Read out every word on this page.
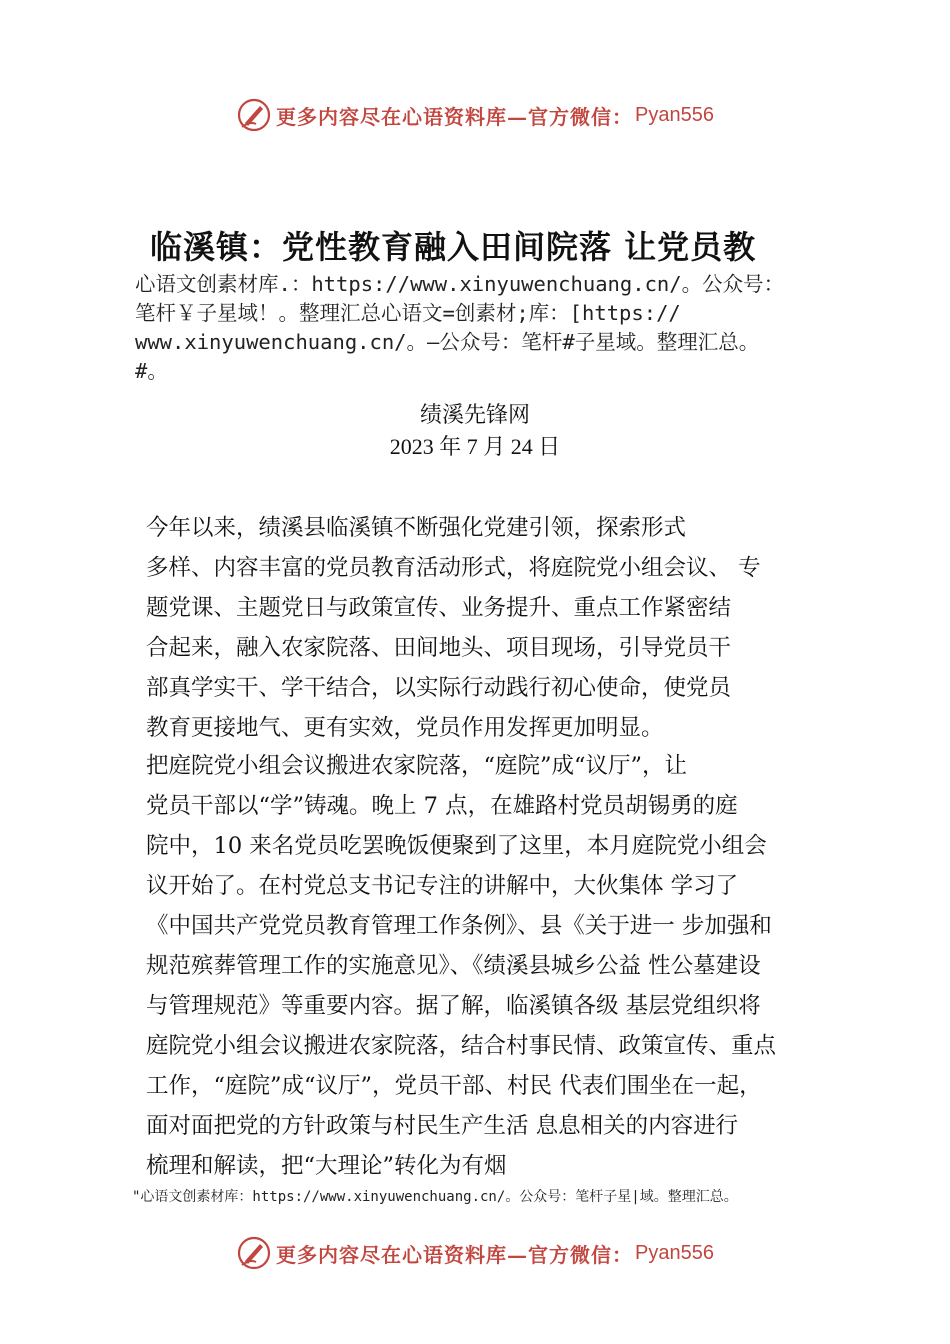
更多内容尽在心语资料库—官方微信： Pyan556
临溪镇：党性教育融入田间院落 让党员教
心语文创素材库.：https://www.xinyuwenchuang.cn/。公众号：
笔杆￥子星域！。整理汇总心语文=创素材;库：[https://
www.xinyuwenchuang.cn/。—公众号：笔杆#子星域。整理汇总。
#。
绩溪先锋网
2023 年 7 月 24 日
今年以来，绩溪县临溪镇不断强化党建引领，探索形式
多样、内容丰富的党员教育活动形式，将庭院党小组会议、 专
题党课、主题党日与政策宣传、业务提升、重点工作紧密结
合起来，融入农家院落、田间地头、项目现场，引导党员干
部真学实干、学干结合，以实际行动践行初心使命，使党员
教育更接地气、更有实效，党员作用发挥更加明显。
把庭院党小组会议搬进农家院落，“庭院”成“议厅”，让
党员干部以“学”铸魂。晚上 7 点，在雄路村党员胡锡勇的庭
院中，10 来名党员吃罢晚饭便聚到了这里，本月庭院党小组会
议开始了。在村党总支书记专注的讲解中，大伙集体 学习了
《中国共产党党员教育管理工作条例》、县《关于进一 步加强和
规范殡葬管理工作的实施意见》、《绩溪县城乡公益 性公墓建设
与管理规范》等重要内容。据了解，临溪镇各级 基层党组织将
庭院党小组会议搬进农家院落，结合村事民情、政策宣传、重点
工作，“庭院”成“议厅”，党员干部、村民 代表们围坐在一起，
面对面把党的方针政策与村民生产生活 息息相关的内容进行
梳理和解读，把“大理论”转化为有烟
"心语文创素材库：https://www.xinyuwenchuang.cn/。公众号：笔杆子星|域。整理汇总。
更多内容尽在心语资料库—官方微信： Pyan556
